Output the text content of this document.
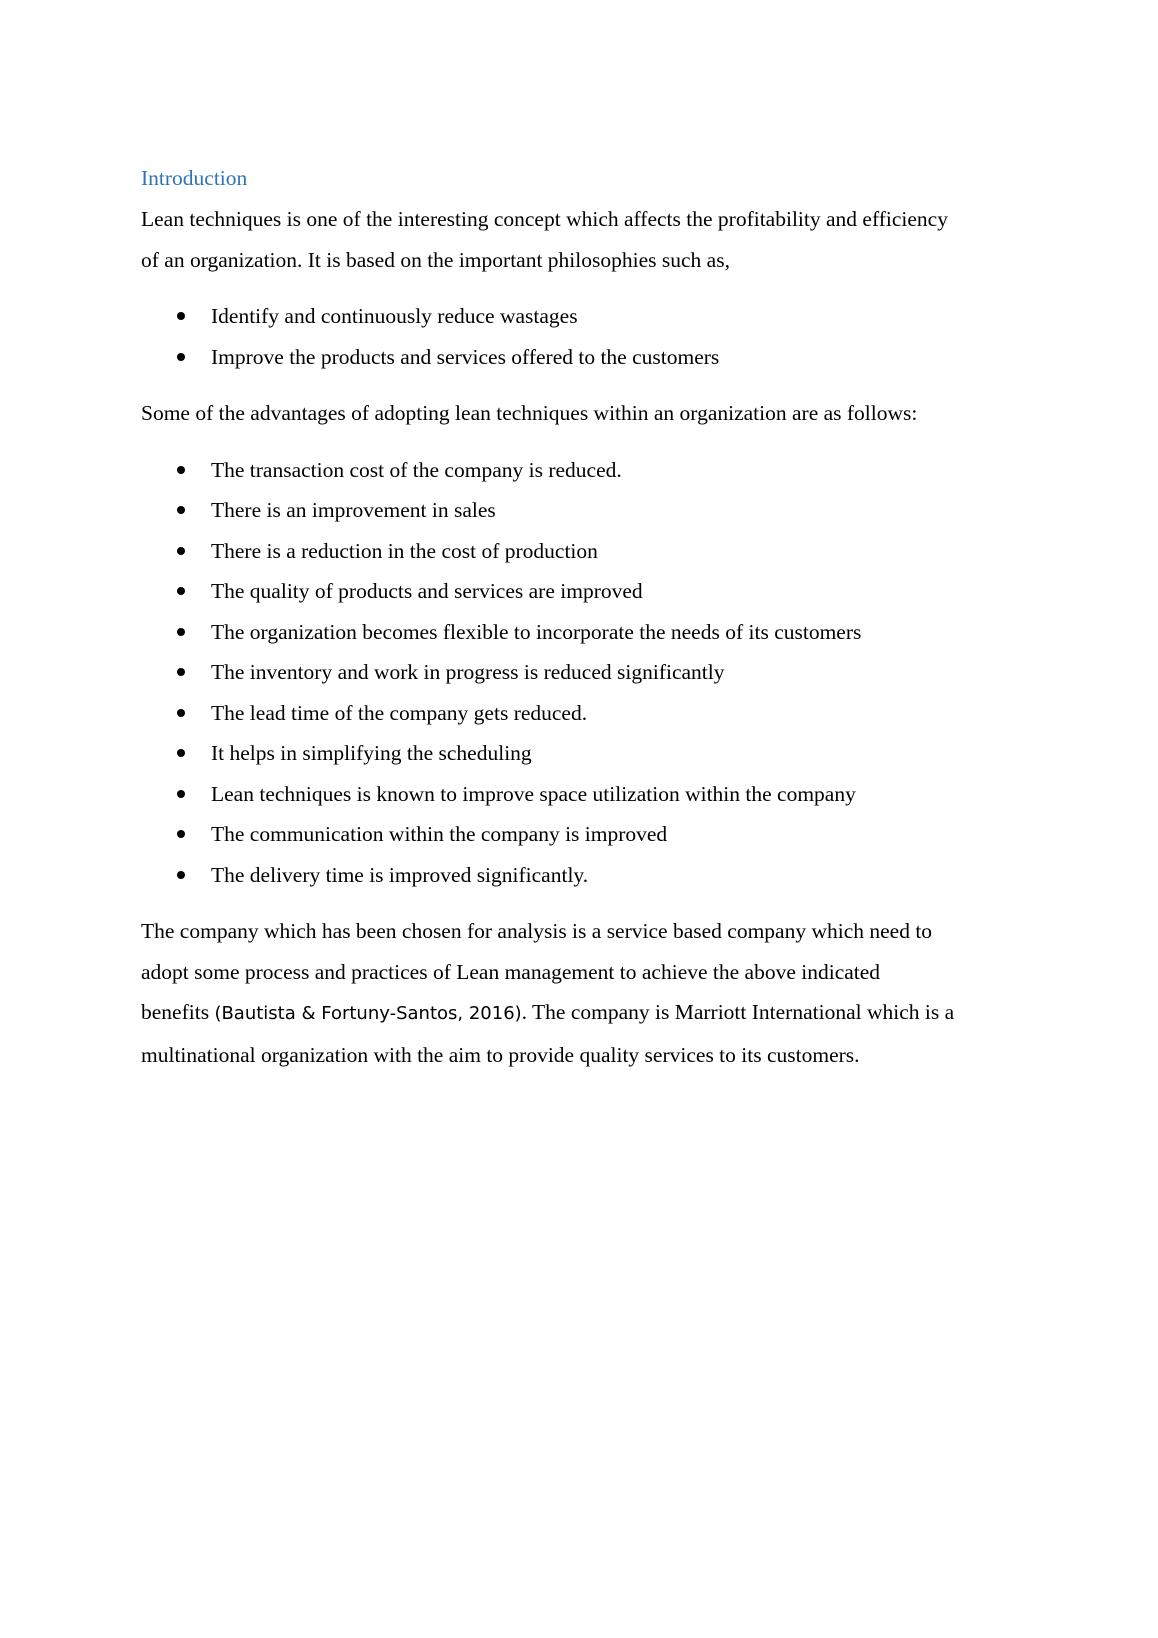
Introduction

Lean techniques is one of the interesting concept which affects the profitability and efficiency
of an organization. It is based on the important philosophies such as,

Identify and continuously reduce wastages
Improve the products and services offered to the customers

Some of the advantages of adopting lean techniques within an organization are as follows:

The transaction cost of the company is reduced.
There is an improvement in sales
There is a reduction in the cost of production
The quality of products and services are improved
The organization becomes flexible to incorporate the needs of its customers
The inventory and work in progress is reduced significantly
The lead time of the company gets reduced.
It helps in simplifying the scheduling
Lean techniques is known to improve space utilization within the company
The communication within the company is improved
The delivery time is improved significantly.

The company which has been chosen for analysis is a service based company which need to
adopt some process and practices of Lean management to achieve the above indicated
benefits (Bautista & Fortuny-Santos, 2016). The company is Marriott International which is a
multinational organization with the aim to provide quality services to its customers.
